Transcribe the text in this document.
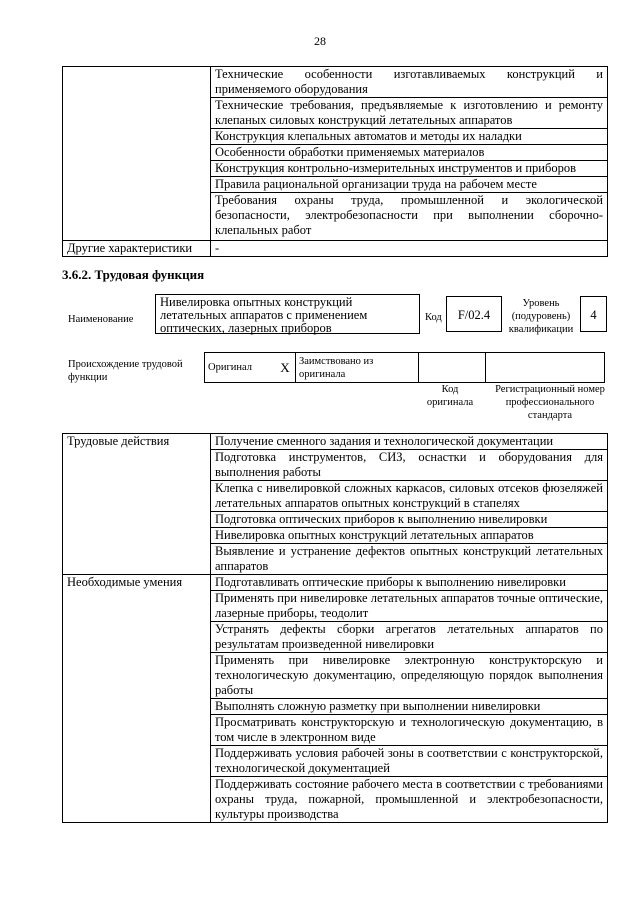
28
	Технические особенности изготавливаемых конструкций и применяемого оборудования
	Технические требования, предъявляемые к изготовлению и ремонту клепаных силовых конструкций летательных аппаратов
	Конструкция клепальных автоматов и методы их наладки
	Особенности обработки применяемых материалов
	Конструкция контрольно-измерительных инструментов и приборов
	Правила рациональной организации труда на рабочем месте
	Требования охраны труда, промышленной и экологической безопасности, электробезопасности при выполнении сборочно-клепальных работ
Другие характеристики	-
3.6.2. Трудовая функция
Наименование
Нивелировка опытных конструкций летательных аппаратов с применением оптических, лазерных приборов
Код	F/02.4
Уровень (подуровень) квалификации
4
Происхождение трудовой функции
Оригинал	X	Заимствовано из оригинала		
Код оригинала
Регистрационный номер профессионального стандарта
Трудовые действия	Получение сменного задания и технологической документации
	Подготовка инструментов, СИЗ, оснастки и оборудования для выполнения работы
	Клепка с нивелировкой сложных каркасов, силовых отсеков фюзеляжей летательных аппаратов опытных конструкций в стапелях
	Подготовка оптических приборов к выполнению нивелировки
	Нивелировка опытных конструкций летательных аппаратов
	Выявление и устранение дефектов опытных конструкций летательных аппаратов
Необходимые умения	Подготавливать оптические приборы к выполнению нивелировки
	Применять при нивелировке летательных аппаратов точные оптические, лазерные приборы, теодолит
	Устранять дефекты сборки агрегатов летательных аппаратов по результатам произведенной нивелировки
	Применять при нивелировке электронную конструкторскую и технологическую документацию, определяющую порядок выполнения работы
	Выполнять сложную разметку при выполнении нивелировки
	Просматривать конструкторскую и технологическую документацию, в том числе в электронном виде
	Поддерживать условия рабочей зоны в соответствии с конструкторской, технологической документацией
	Поддерживать состояние рабочего места в соответствии с требованиями охраны труда, пожарной, промышленной и электробезопасности, культуры производства
